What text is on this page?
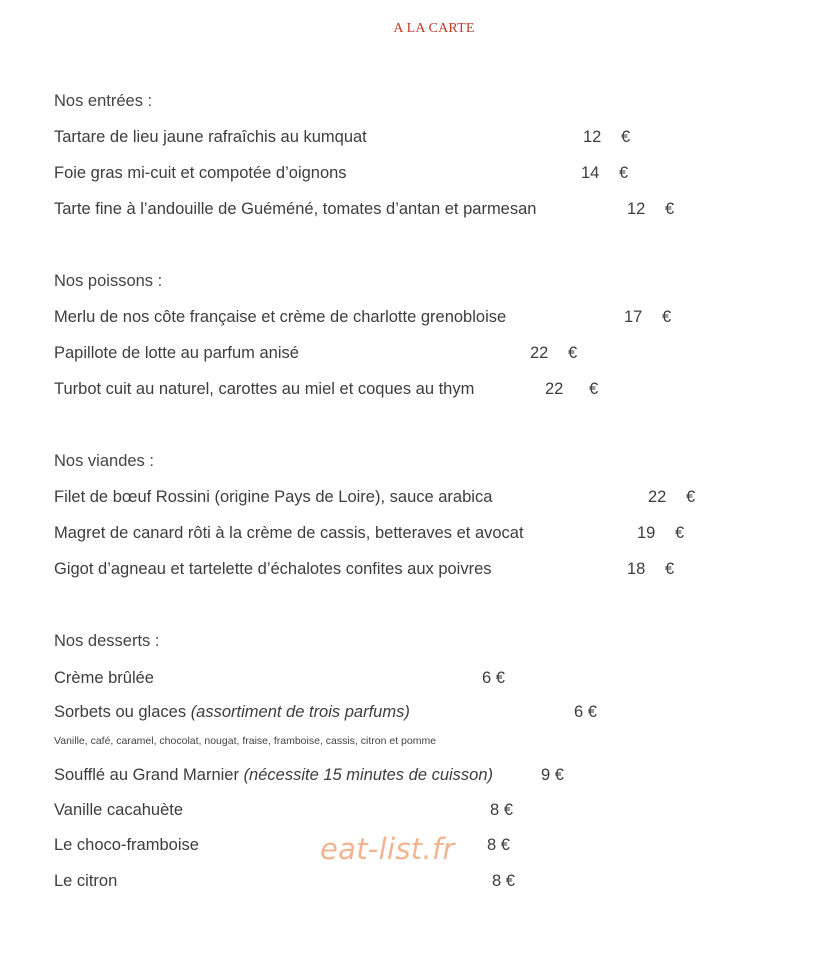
A LA CARTE
Nos entrées :
Tartare de lieu jaune rafraîchis au kumquat	12 €
Foie gras mi-cuit et compotée d’oignons	14 €
Tarte fine à l’andouille de Guéméné, tomates d’antan et parmesan	12 €
Nos poissons :
Merlu de nos côte française et crème de charlotte grenobloise	17 €
Papillote de lotte au parfum anisé	22 €
Turbot cuit au naturel, carottes au miel et coques au thym	22 €
Nos viandes :
Filet de bœuf Rossini (origine Pays de Loire), sauce arabica	22 €
Magret de canard rôti à la crème de cassis, betteraves et avocat	19 €
Gigot d’agneau et tartelette d’échalotes confites aux poivres	18 €
Nos desserts :
Crème brûlée	6 €
Sorbets ou glaces (assortiment de trois parfums)	6 €
Vanille, café, caramel, chocolat, nougat, fraise, framboise, cassis, citron et pomme
Soufflé au Grand Marnier (nécessite 15 minutes de cuisson)	9 €
Vanille cacahuète	8 €
Le choco-framboise	8 €
Le citron	8 €
eat-list.fr
